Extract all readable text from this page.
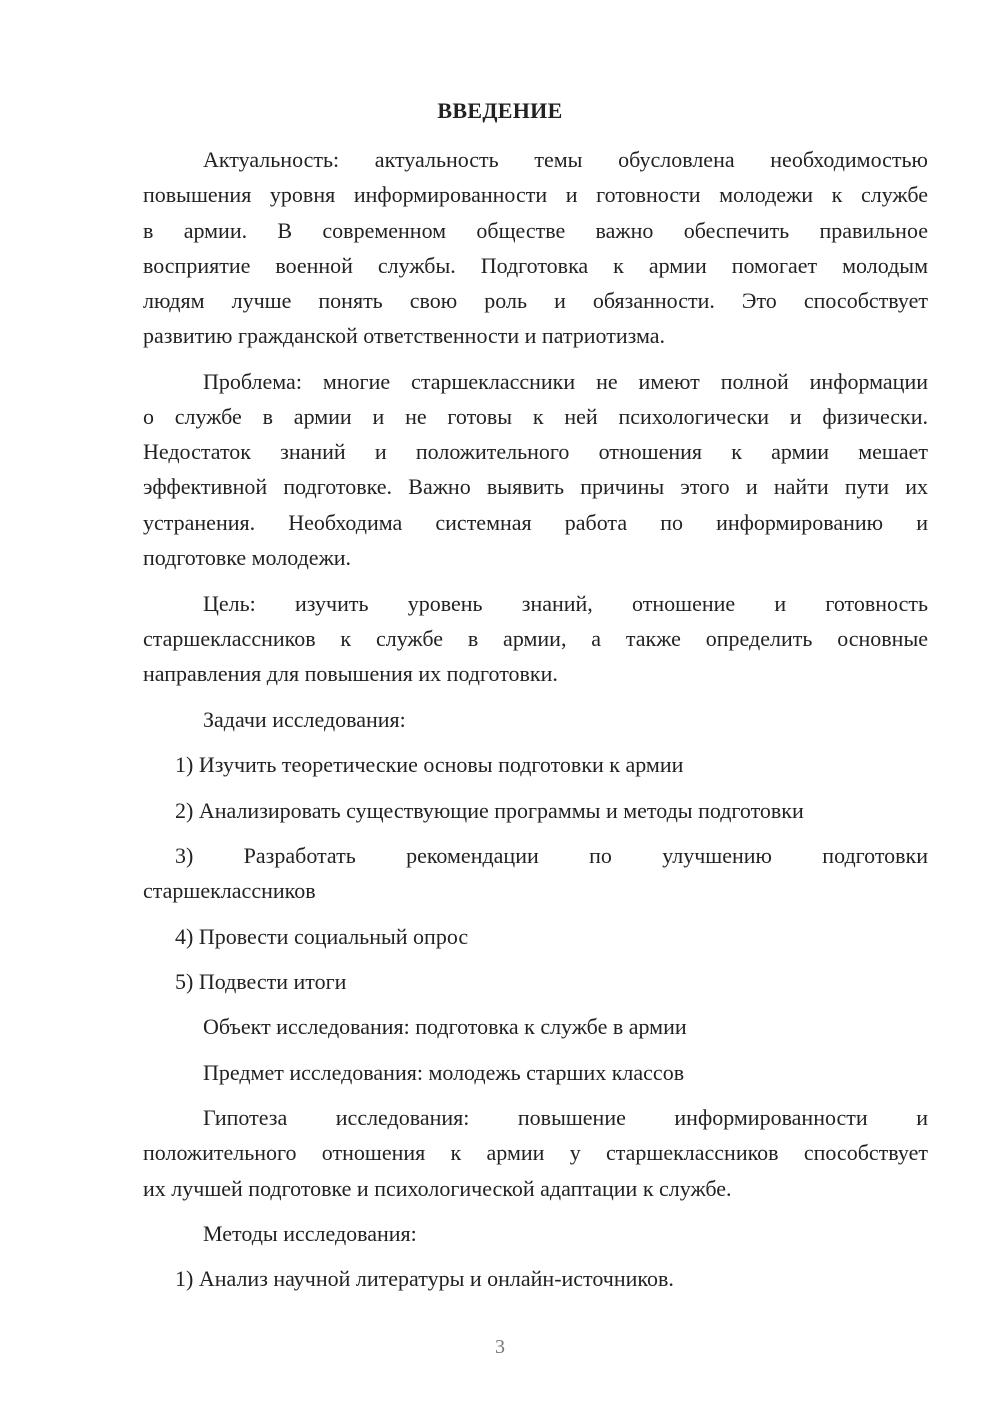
ВВЕДЕНИЕ

Актуальность: актуальность темы обусловлена необходимостью

повышения уровня информированности и готовности молодежи к службе

в армии. В современном обществе важно обеспечить правильное

восприятие военной службы. Подготовка к армии помогает молодым

людям лучше понять свою роль и обязанности. Это способствует

развитию гражданской ответственности и патриотизма.

Проблема: многие старшеклассники не имеют полной информации

о службе в армии и не готовы к ней психологически и физически.

Недостаток знаний и положительного отношения к армии мешает

эффективной подготовке. Важно выявить причины этого и найти пути их

устранения. Необходима системная работа по информированию и

подготовке молодежи.

Цель: изучить уровень знаний, отношение и готовность

старшеклассников к службе в армии, а также определить основные

направления для повышения их подготовки.

Задачи исследования:

1) Изучить теоретические основы подготовки к армии

2) Анализировать существующие программы и методы подготовки

3) Разработать рекомендации по улучшению подготовки

старшеклассников

4) Провести социальный опрос

5) Подвести итоги

Объект исследования: подготовка к службе в армии

Предмет исследования: молодежь старших классов

Гипотеза исследования: повышение информированности и

положительного отношения к армии у старшеклассников способствует

их лучшей подготовке и психологической адаптации к службе.

Методы исследования:

1) Анализ научной литературы и онлайн-источников.

3
